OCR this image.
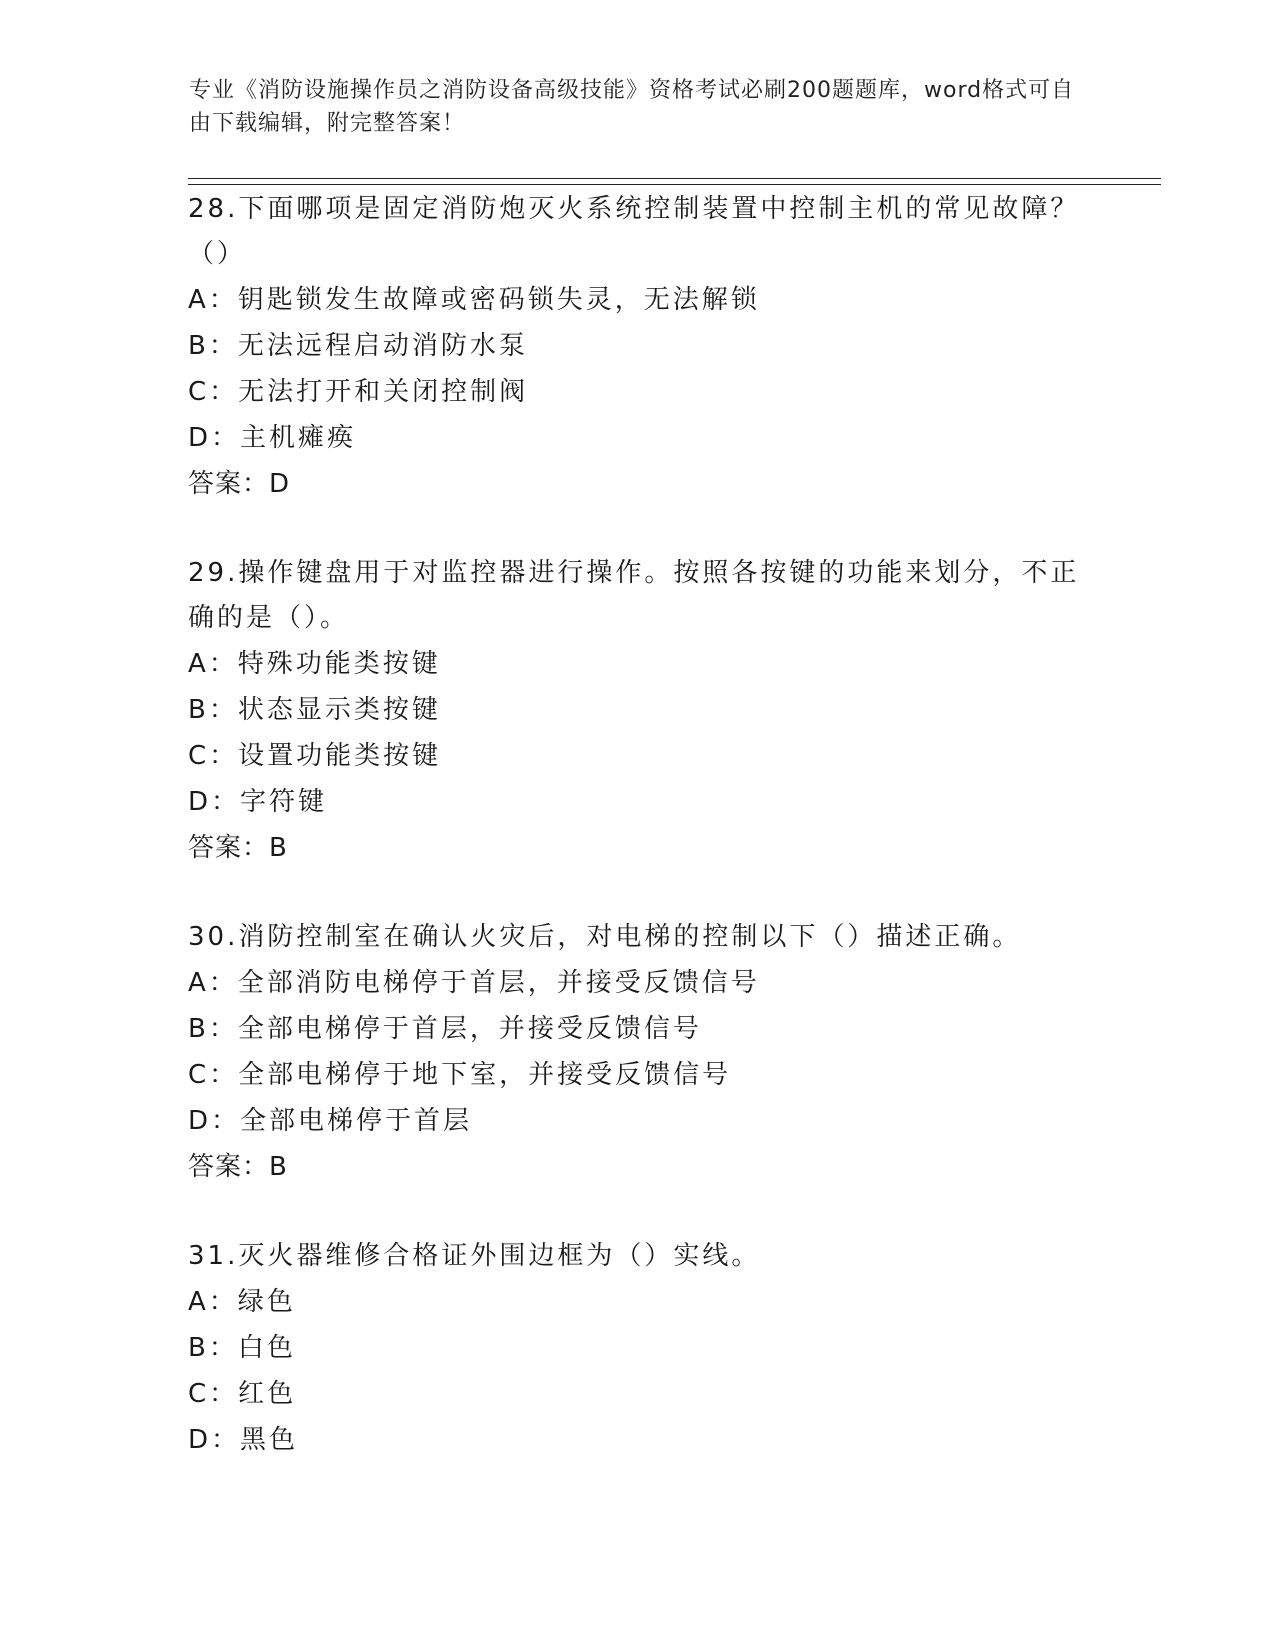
专业《消防设施操作员之消防设备高级技能》资格考试必刷200题题库，word格式可自由下载编辑，附完整答案！

28.下面哪项是固定消防炮灭火系统控制装置中控制主机的常见故障？（）

A：钥匙锁发生故障或密码锁失灵，无法解锁

B：无法远程启动消防水泵

C：无法打开和关闭控制阀

D：主机瘫痪

答案：D

29.操作键盘用于对监控器进行操作。按照各按键的功能来划分，不正确的是（）。

A：特殊功能类按键

B：状态显示类按键

C：设置功能类按键

D：字符键

答案：B

30.消防控制室在确认火灾后，对电梯的控制以下（）描述正确。

A：全部消防电梯停于首层，并接受反馈信号

B：全部电梯停于首层，并接受反馈信号

C：全部电梯停于地下室，并接受反馈信号

D：全部电梯停于首层

答案：B

31.灭火器维修合格证外围边框为（）实线。

A：绿色

B：白色

C：红色

D：黑色
